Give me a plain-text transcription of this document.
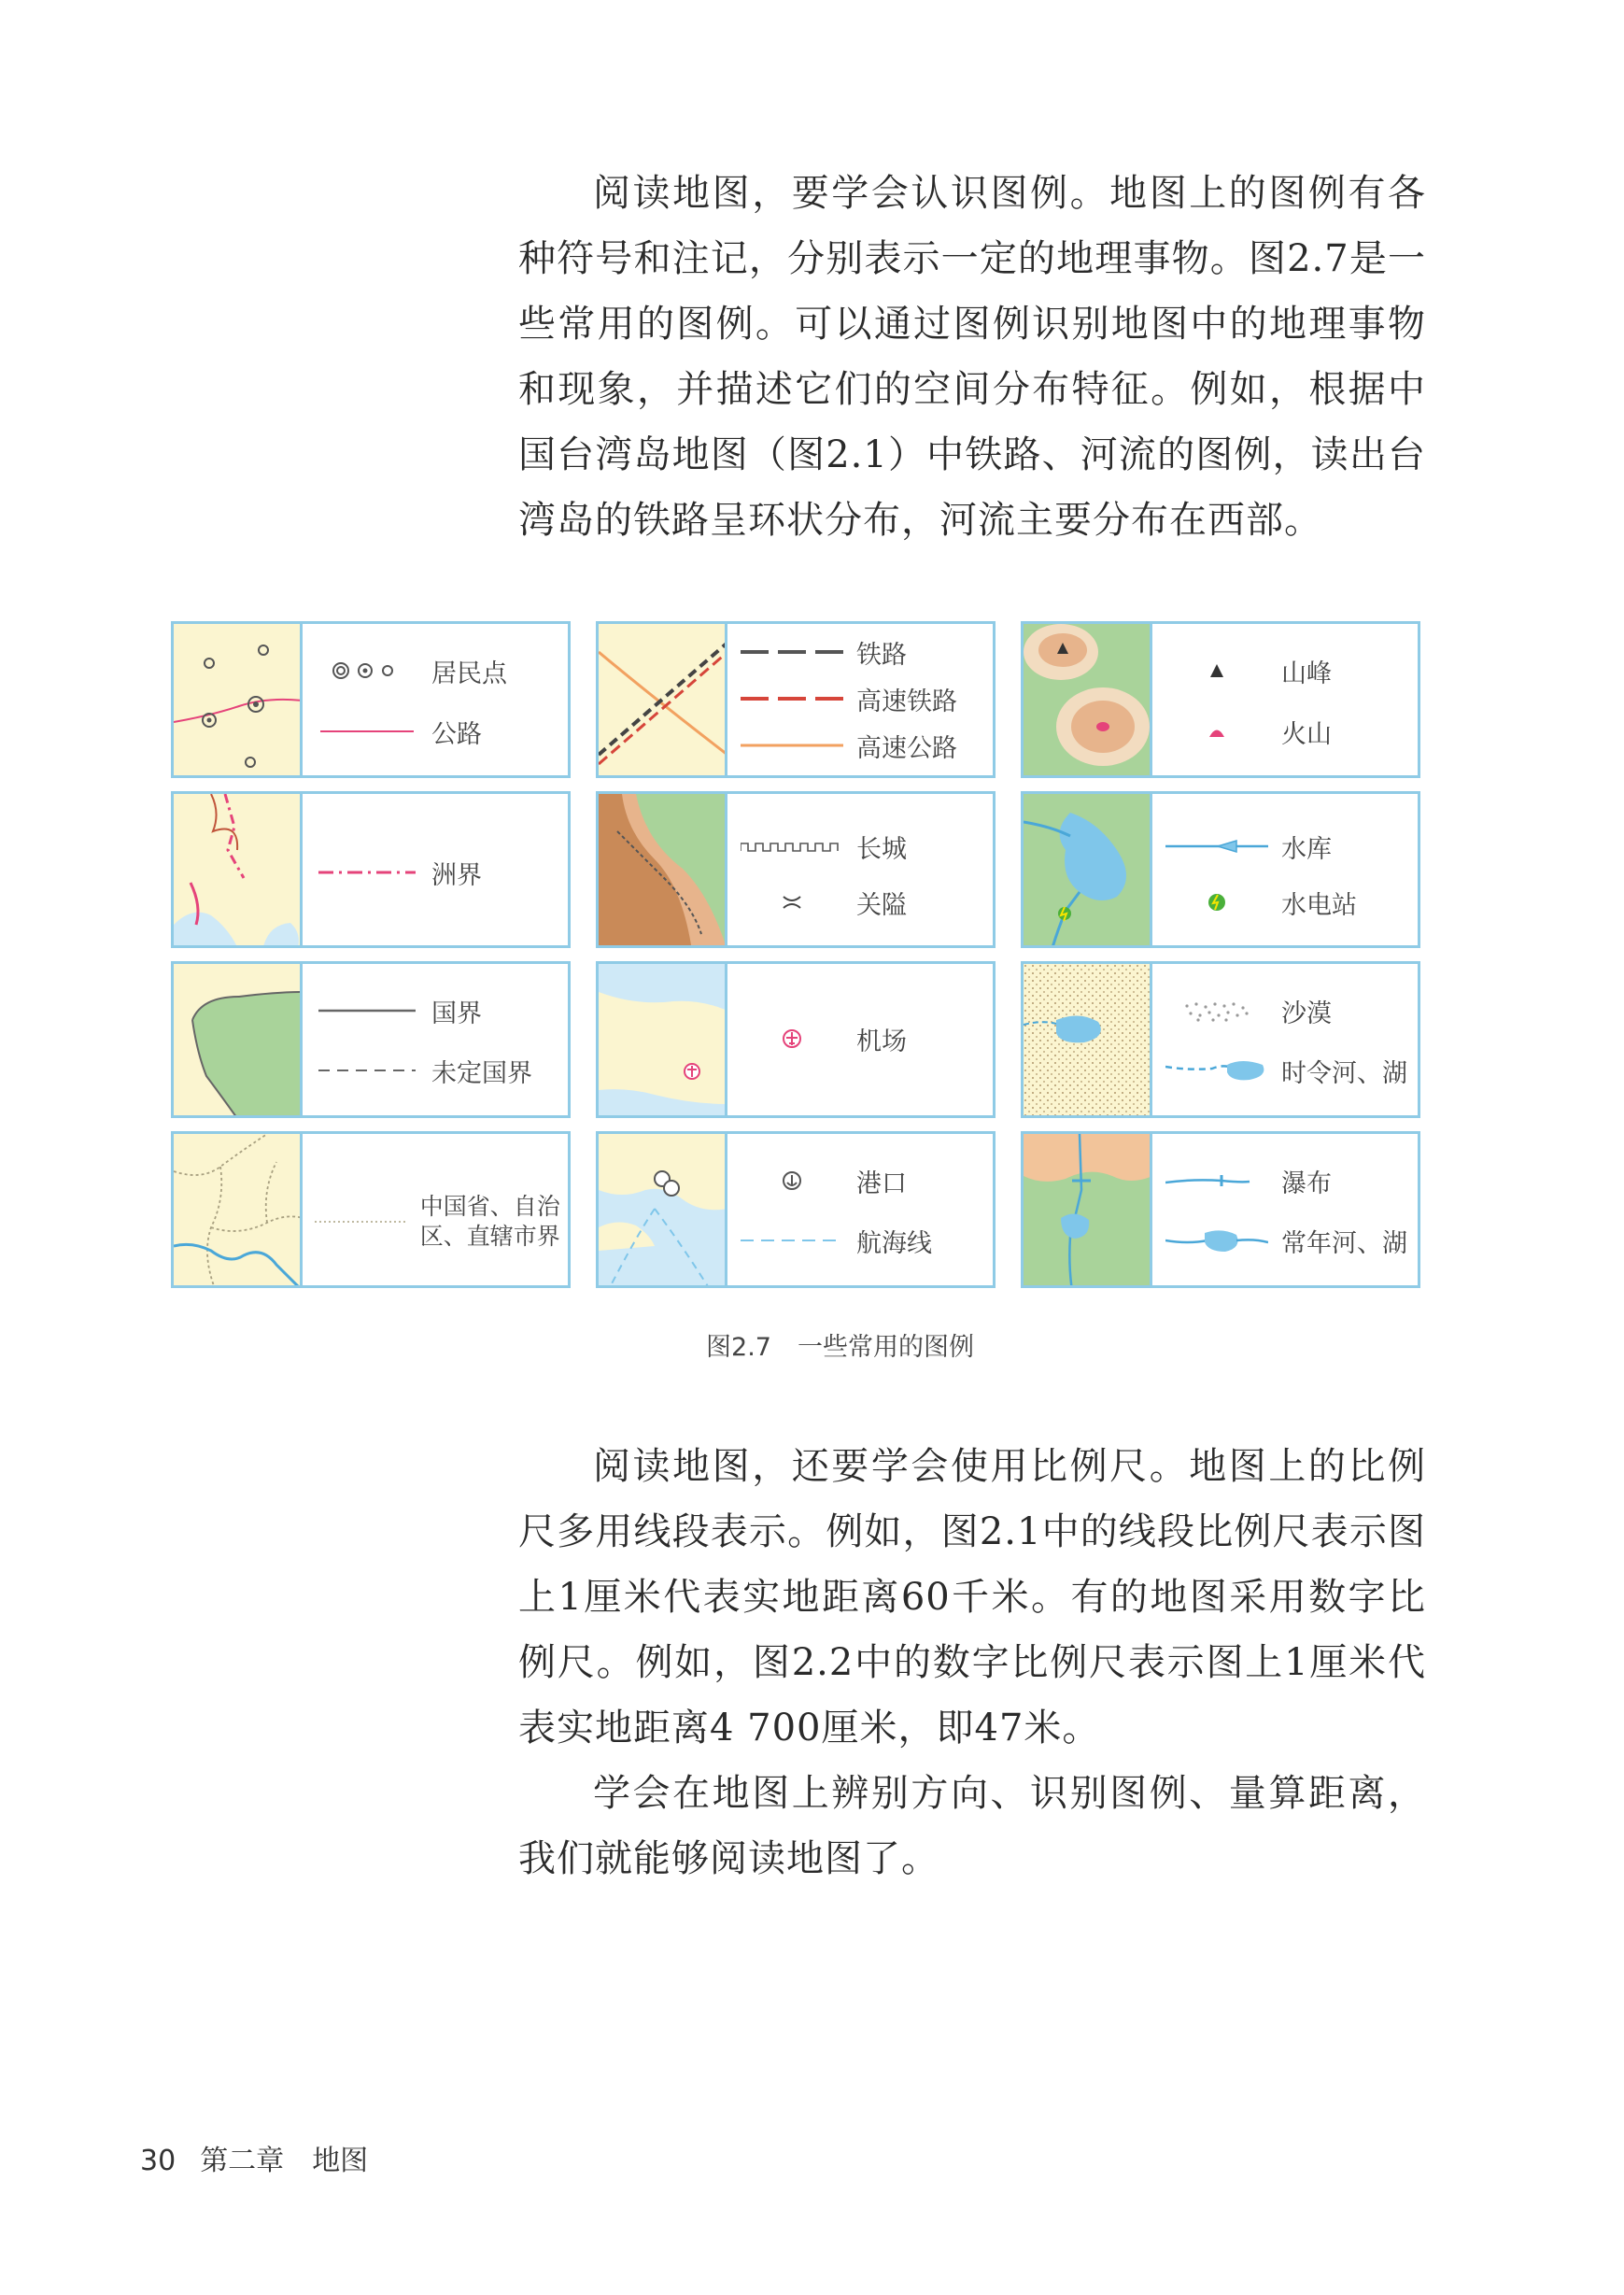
阅读地图，要学会认识图例。地图上的图例有各种符号和注记，分别表示一定的地理事物。图2.7是一些常用的图例。可以通过图例识别地图中的地理事物和现象，并描述它们的空间分布特征。例如，根据中国台湾岛地图（图2.1）中铁路、河流的图例，读出台湾岛的铁路呈环状分布，河流主要分布在西部。

居民点
公路
铁路
高速铁路
高速公路
山峰
火山
洲界
长城
关隘
水库
水电站
国界
未定国界
机场
沙漠
时令河、湖
中国省、自治区、直辖市界
港口
航海线
瀑布
常年河、湖
图2.7 一些常用的图例

阅读地图，还要学会使用比例尺。地图上的比例尺多用线段表示。例如，图2.1中的线段比例尺表示图上1厘米代表实地距离60千米。有的地图采用数字比例尺。例如，图2.2中的数字比例尺表示图上1厘米代表实地距离4 700厘米，即47米。

学会在地图上辨别方向、识别图例、量算距离，我们就能够阅读地图了。

30 第二章 地图
